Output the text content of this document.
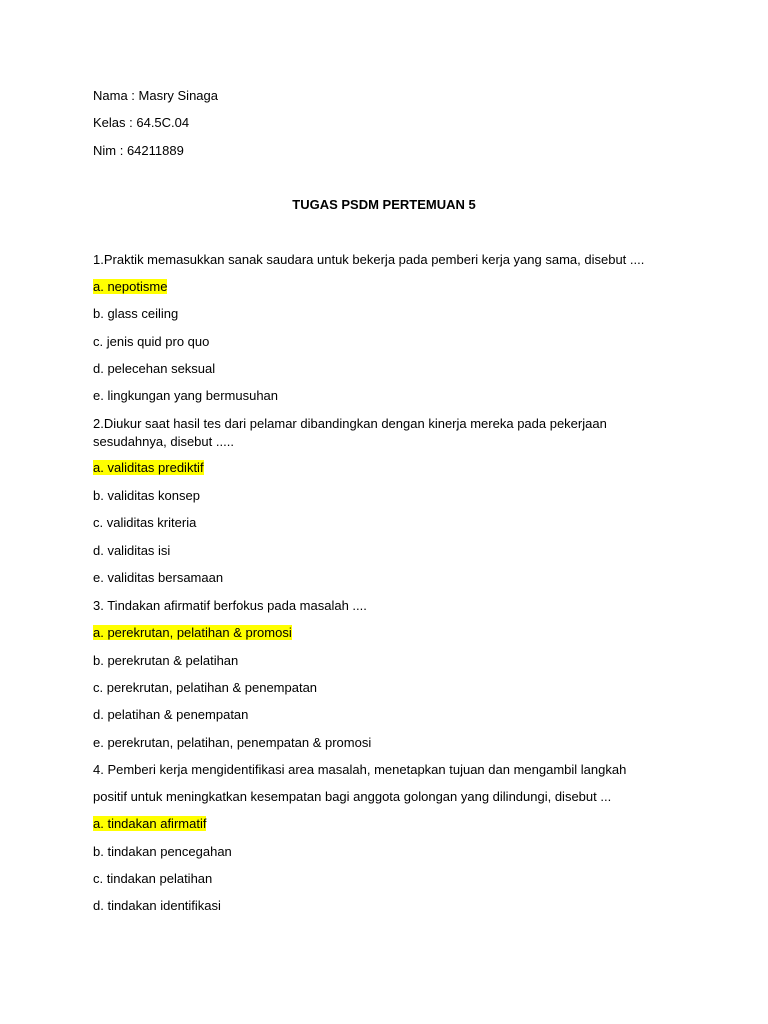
Nama : Masry Sinaga
Kelas : 64.5C.04
Nim : 64211889
TUGAS PSDM PERTEMUAN 5
1.Praktik memasukkan sanak saudara untuk bekerja pada pemberi kerja yang sama, disebut ....
a. nepotisme
b. glass ceiling
c. jenis quid pro quo
d. pelecehan seksual
e. lingkungan yang bermusuhan
2.Diukur saat hasil tes dari pelamar dibandingkan dengan kinerja mereka pada pekerjaan
sesudahnya, disebut .....
a. validitas prediktif
b. validitas konsep
c. validitas kriteria
d. validitas isi
e. validitas bersamaan
3. Tindakan afirmatif berfokus pada masalah ....
a. perekrutan, pelatihan & promosi
b. perekrutan & pelatihan
c. perekrutan, pelatihan & penempatan
d. pelatihan & penempatan
e. perekrutan, pelatihan, penempatan & promosi
4. Pemberi kerja mengidentifikasi area masalah, menetapkan tujuan dan mengambil langkah
positif untuk meningkatkan kesempatan bagi anggota golongan yang dilindungi, disebut ...
a. tindakan afirmatif
b. tindakan pencegahan
c. tindakan pelatihan
d. tindakan identifikasi
